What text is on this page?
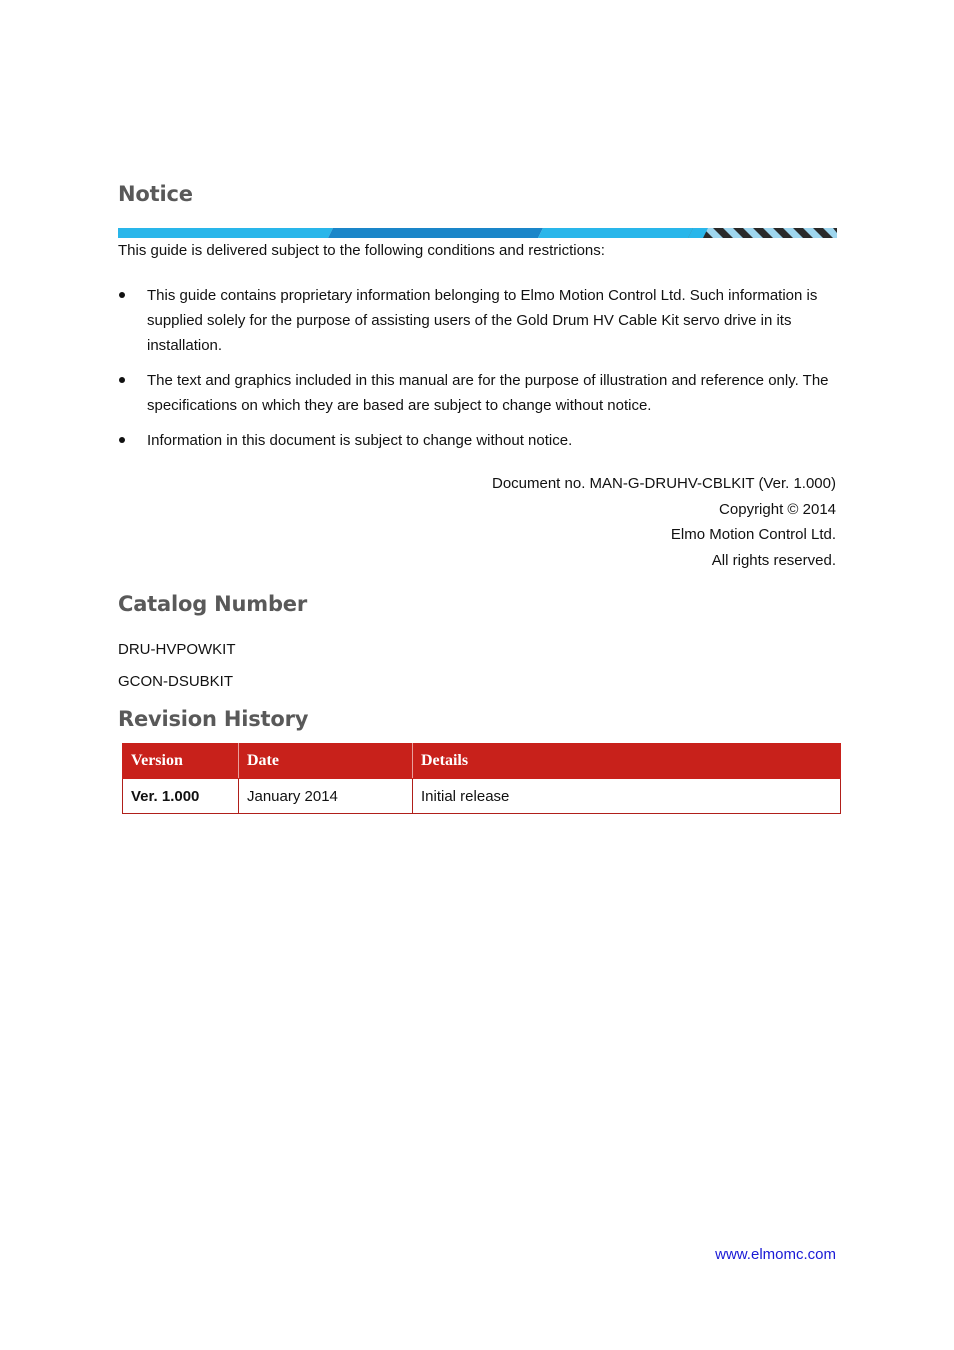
Notice
This guide is delivered subject to the following conditions and restrictions:
This guide contains proprietary information belonging to Elmo Motion Control Ltd. Such information is supplied solely for the purpose of assisting users of the Gold Drum HV Cable Kit servo drive in its installation.
The text and graphics included in this manual are for the purpose of illustration and reference only. The specifications on which they are based are subject to change without notice.
Information in this document is subject to change without notice.
Document no. MAN-G-DRUHV-CBLKIT (Ver. 1.000)
Copyright © 2014
Elmo Motion Control Ltd.
All rights reserved.
Catalog Number
DRU-HVPOWKIT
GCON-DSUBKIT
Revision History
Version	Date	Details
Ver. 1.000	January 2014	Initial release
www.elmomc.com
